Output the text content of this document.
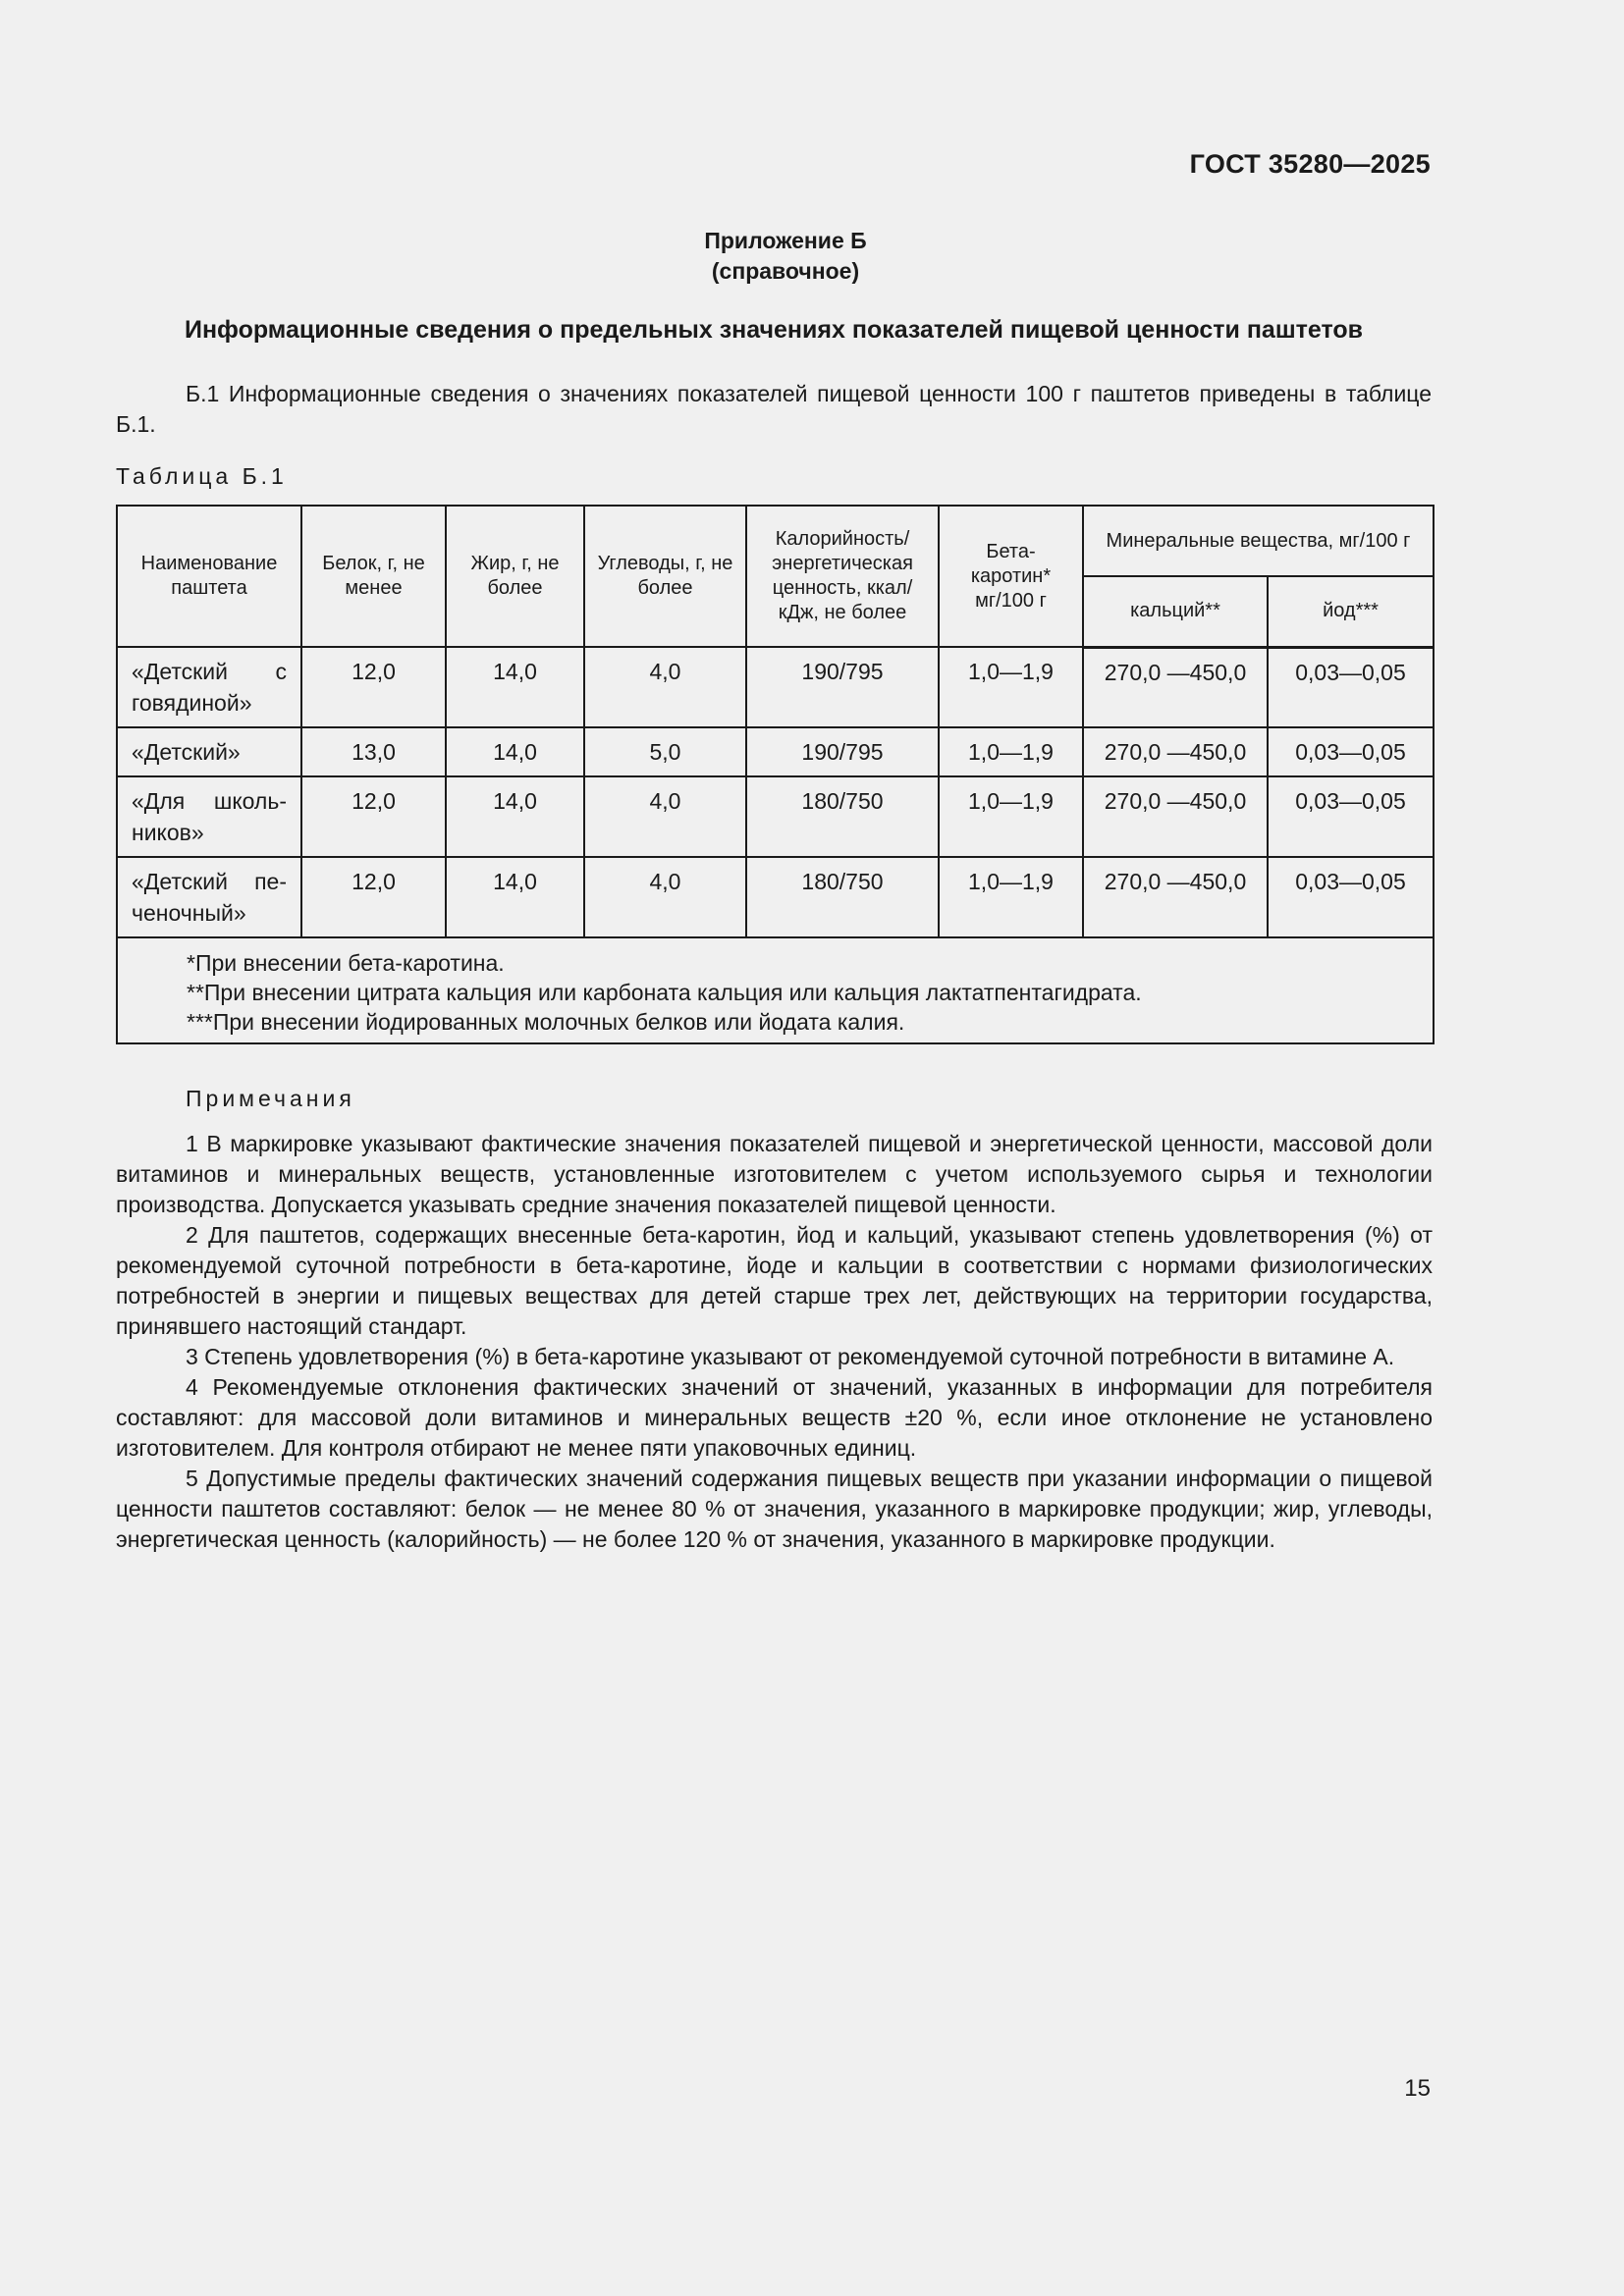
ГОСТ 35280—2025
Приложение Б
(справочное)
Информационные сведения о предельных значениях показателей пищевой ценности паштетов
Б.1 Информационные сведения о значениях показателей пищевой ценности 100 г паштетов приведены в таблице Б.1.
Таблица Б.1
Наименование паштета	Белок, г, не менее	Жир, г, не более	Углеводы, г, не более	Калорийность/ энергетическая ценность, ккал/ кДж, не более	Бета-каротин* мг/100 г	Минеральные вещества, мг/100 г	
						кальций**	йод***
«Детский с говядиной»	12,0	14,0	4,0	190/795	1,0—1,9	270,0 —450,0	0,03—0,05
«Детский»	13,0	14,0	5,0	190/795	1,0—1,9	270,0 —450,0	0,03—0,05
«Для школь-ников»	12,0	14,0	4,0	180/750	1,0—1,9	270,0 —450,0	0,03—0,05
«Детский пе-ченочный»	12,0	14,0	4,0	180/750	1,0—1,9	270,0 —450,0	0,03—0,05

*При внесении бета-каротина.
**При внесении цитрата кальция или карбоната кальция или кальция лактатпентагидрата.
***При внесении йодированных молочных белков или йодата калия.							
Примечания

1 В маркировке указывают фактические значения показателей пищевой и энергетической ценности, массовой доли витаминов и минеральных веществ, установленные изготовителем с учетом используемого сырья и технологии производства. Допускается указывать средние значения показателей пищевой ценности.

2 Для паштетов, содержащих внесенные бета-каротин, йод и кальций, указывают степень удовлетворения (%) от рекомендуемой суточной потребности в бета-каротине, йоде и кальции в соответствии с нормами физиологических потребностей в энергии и пищевых веществах для детей старше трех лет, действующих на территории государства, принявшего настоящий стандарт.

3 Степень удовлетворения (%) в бета-каротине указывают от рекомендуемой суточной потребности в витамине А.

4 Рекомендуемые отклонения фактических значений от значений, указанных в информации для потребителя составляют: для массовой доли витаминов и минеральных веществ ±20 %, если иное отклонение не установлено изготовителем. Для контроля отбирают не менее пяти упаковочных единиц.

5 Допустимые пределы фактических значений содержания пищевых веществ при указании информации о пищевой ценности паштетов составляют: белок — не менее 80 % от значения, указанного в маркировке продукции; жир, углеводы, энергетическая ценность (калорийность) — не более 120 % от значения, указанного в маркировке продукции.

15
